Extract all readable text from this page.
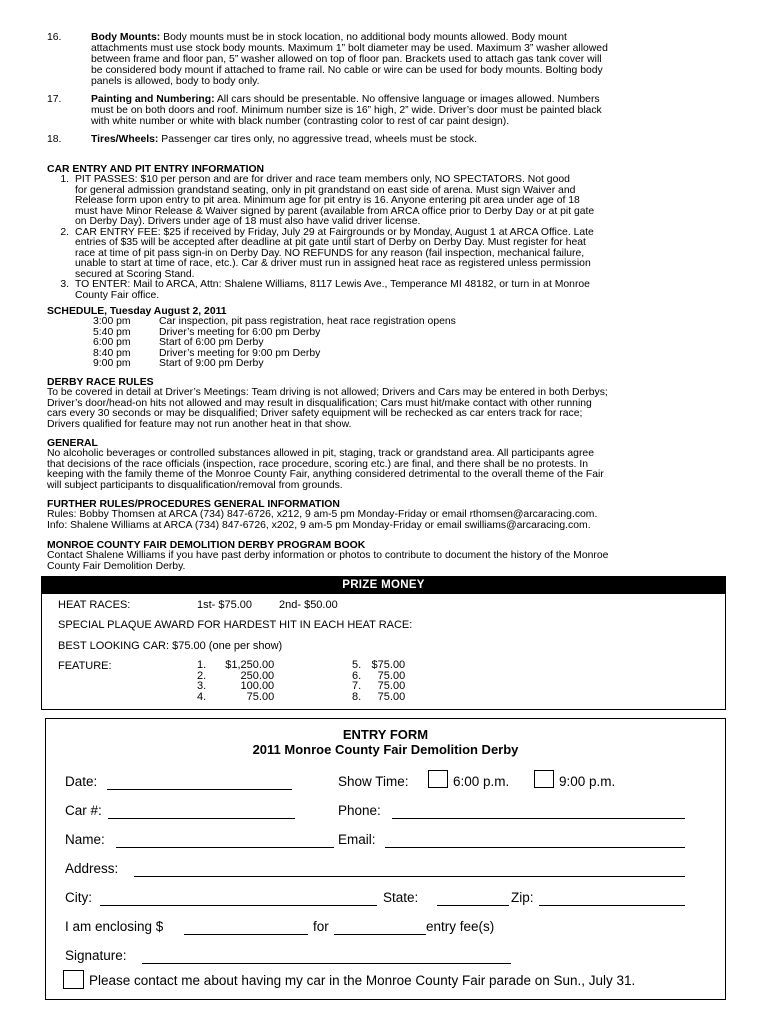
16.	Body Mounts: Body mounts must be in stock location, no additional body mounts allowed. Body mount
attachments must use stock body mounts. Maximum 1” bolt diameter may be used. Maximum 3” washer allowed
between frame and floor pan, 5” washer allowed on top of floor pan. Brackets used to attach gas tank cover will
be considered body mount if attached to frame rail. No cable or wire can be used for body mounts. Bolting body
panels is allowed, body to body only.
17.	Painting and Numbering: All cars should be presentable. No offensive language or images allowed. Numbers
must be on both doors and roof. Minimum number size is 16” high, 2” wide. Driver’s door must be painted black
with white number or white with black number (contrasting color to rest of car paint design).
18.	Tires/Wheels: Passenger car tires only, no aggressive tread, wheels must be stock.
CAR ENTRY AND PIT ENTRY INFORMATION
1. PIT PASSES: $10 per person and are for driver and race team members only, NO SPECTATORS. Not good
for general admission grandstand seating, only in pit grandstand on east side of arena. Must sign Waiver and
Release form upon entry to pit area. Minimum age for pit entry is 16. Anyone entering pit area under age of 18
must have Minor Release & Waiver signed by parent (available from ARCA office prior to Derby Day or at pit gate
on Derby Day). Drivers under age of 18 must also have valid driver license.
2. CAR ENTRY FEE: $25 if received by Friday, July 29 at Fairgrounds or by Monday, August 1 at ARCA Office. Late
entries of $35 will be accepted after deadline at pit gate until start of Derby on Derby Day. Must register for heat
race at time of pit pass sign-in on Derby Day. NO REFUNDS for any reason (fail inspection, mechanical failure,
unable to start at time of race, etc.). Car & driver must run in assigned heat race as registered unless permission
secured at Scoring Stand.
3. TO ENTER: Mail to ARCA, Attn: Shalene Williams, 8117 Lewis Ave., Temperance MI 48182, or turn in at Monroe
County Fair office.
SCHEDULE, Tuesday August 2, 2011
3:00 pm	Car inspection, pit pass registration, heat race registration opens
5:40 pm	Driver’s meeting for 6:00 pm Derby
6:00 pm	Start of 6:00 pm Derby
8:40 pm	Driver’s meeting for 9:00 pm Derby
9:00 pm	Start of 9:00 pm Derby
DERBY RACE RULES
To be covered in detail at Driver’s Meetings: Team driving is not allowed; Drivers and Cars may be entered in both Derbys;
Driver’s door/head-on hits not allowed and may result in disqualification; Cars must hit/make contact with other running
cars every 30 seconds or may be disqualified; Driver safety equipment will be rechecked as car enters track for race;
Drivers qualified for feature may not run another heat in that show.
GENERAL
No alcoholic beverages or controlled substances allowed in pit, staging, track or grandstand area. All participants agree
that decisions of the race officials (inspection, race procedure, scoring etc.) are final, and there shall be no protests. In
keeping with the family theme of the Monroe County Fair, anything considered detrimental to the overall theme of the Fair
will subject participants to disqualification/removal from grounds.
FURTHER RULES/PROCEDURES GENERAL INFORMATION
Rules: Bobby Thomsen at ARCA (734) 847-6726, x212, 9 am-5 pm Monday-Friday or email rthomsen@arcaracing.com.
Info: Shalene Williams at ARCA (734) 847-6726, x202, 9 am-5 pm Monday-Friday or email swilliams@arcaracing.com.
MONROE COUNTY FAIR DEMOLITION DERBY PROGRAM BOOK
Contact Shalene Williams if you have past derby information or photos to contribute to document the history of the Monroe
County Fair Demolition Derby.
PRIZE MONEY
HEAT RACES:	1st- $75.00 2nd- $50.00
SPECIAL PLAQUE AWARD FOR HARDEST HIT IN EACH HEAT RACE:
BEST LOOKING CAR: $75.00 (one per show)
FEATURE:	1. $1,250.00
2.	250.00
3.	100.00
4.	75.00
5. $75.00
6. 75.00
7. 75.00
8. 75.00
ENTRY FORM
2011 Monroe County Fair Demolition Derby
Date:	Show Time:	6:00 p.m.	9:00 p.m.
Car #:	Phone:
Name:	Email:
Address:
City:	State:	Zip:
I am enclosing $	for	entry fee(s)
Signature:
Please contact me about having my car in the Monroe County Fair parade on Sun., July 31.
